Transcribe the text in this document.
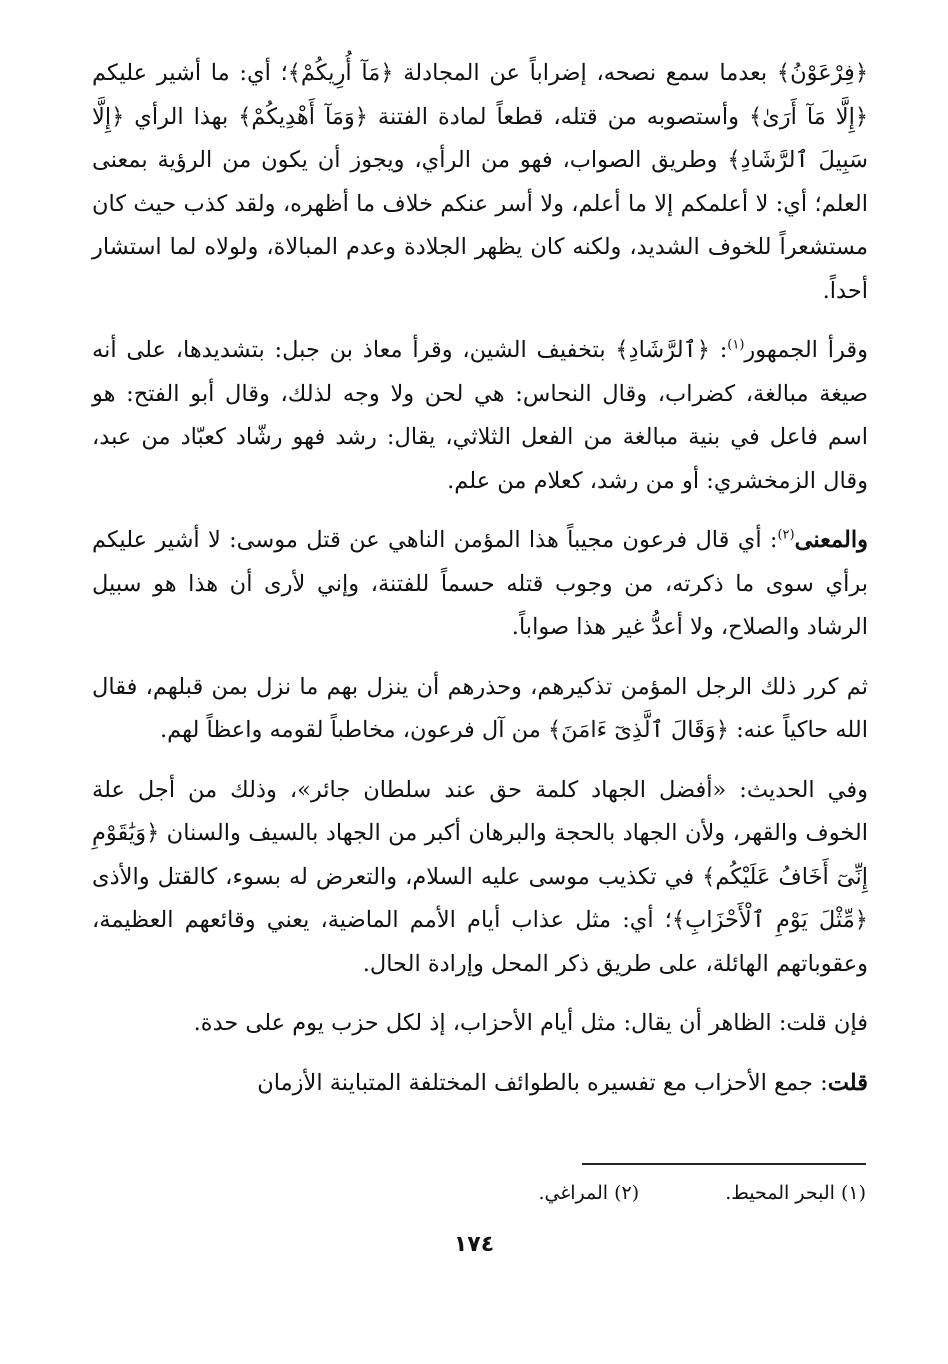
﴿فِرْعَوْنُ﴾ بعدما سمع نصحه، إضراباً عن المجادلة ﴿مَآ أُرِيكُمْ﴾؛ أي: ما أشير عليكم ﴿إِلَّا مَآ أَرَىٰ﴾ وأستصوبه من قتله، قطعاً لمادة الفتنة ﴿وَمَآ أَهْدِيكُمْ﴾ بهذا الرأي ﴿إِلَّا سَبِيلَ ٱلرَّشَادِ﴾ وطريق الصواب، فهو من الرأي، ويجوز أن يكون من الرؤية بمعنى العلم؛ أي: لا أعلمكم إلا ما أعلم، ولا أسر عنكم خلاف ما أظهره، ولقد كذب حيث كان مستشعراً للخوف الشديد، ولكنه كان يظهر الجلادة وعدم المبالاة، ولولاه لما استشار أحداً.

وقرأ الجمهور$^{(١)}$: ﴿ٱلرَّشَادِ﴾ بتخفيف الشين، وقرأ معاذ بن جبل: بتشديدها، على أنه صيغة مبالغة، كضراب، وقال النحاس: هي لحن ولا وجه لذلك، وقال أبو الفتح: هو اسم فاعل في بنية مبالغة من الفعل الثلاثي، يقال: رشد فهو رشّاد كعبّاد من عبد، وقال الزمخشري: أو من رشد، كعلام من علم.

والمعنى$^{(٢)}$: أي قال فرعون مجيباً هذا المؤمن الناهي عن قتل موسى: لا أشير عليكم برأي سوى ما ذكرته، من وجوب قتله حسماً للفتنة، وإني لأرى أن هذا هو سبيل الرشاد والصلاح، ولا أعدُّ غير هذا صواباً.

ثم كرر ذلك الرجل المؤمن تذكيرهم، وحذرهم أن ينزل بهم ما نزل بمن قبلهم، فقال الله حاكياً عنه: ﴿وَقَالَ ٱلَّذِىٓ ءَامَنَ﴾ من آل فرعون، مخاطباً لقومه واعظاً لهم.

وفي الحديث: «أفضل الجهاد كلمة حق عند سلطان جائر»، وذلك من أجل علة الخوف والقهر، ولأن الجهاد بالحجة والبرهان أكبر من الجهاد بالسيف والسنان ﴿وَيَٰقَوْمِ إِنِّىٓ أَخَافُ عَلَيْكُم﴾ في تكذيب موسى عليه السلام، والتعرض له بسوء، كالقتل والأذى ﴿مِّثْلَ يَوْمِ ٱلْأَحْزَابِ﴾؛ أي: مثل عذاب أيام الأمم الماضية، يعني وقائعهم العظيمة، وعقوباتهم الهائلة، على طريق ذكر المحل وإرادة الحال.

فإن قلت: الظاهر أن يقال: مثل أيام الأحزاب، إذ لكل حزب يوم على حدة.

قلت: جمع الأحزاب مع تفسيره بالطوائف المختلفة المتباينة الأزمان

(١) البحر المحيط.
(٢) المراغي.
١٧٤
